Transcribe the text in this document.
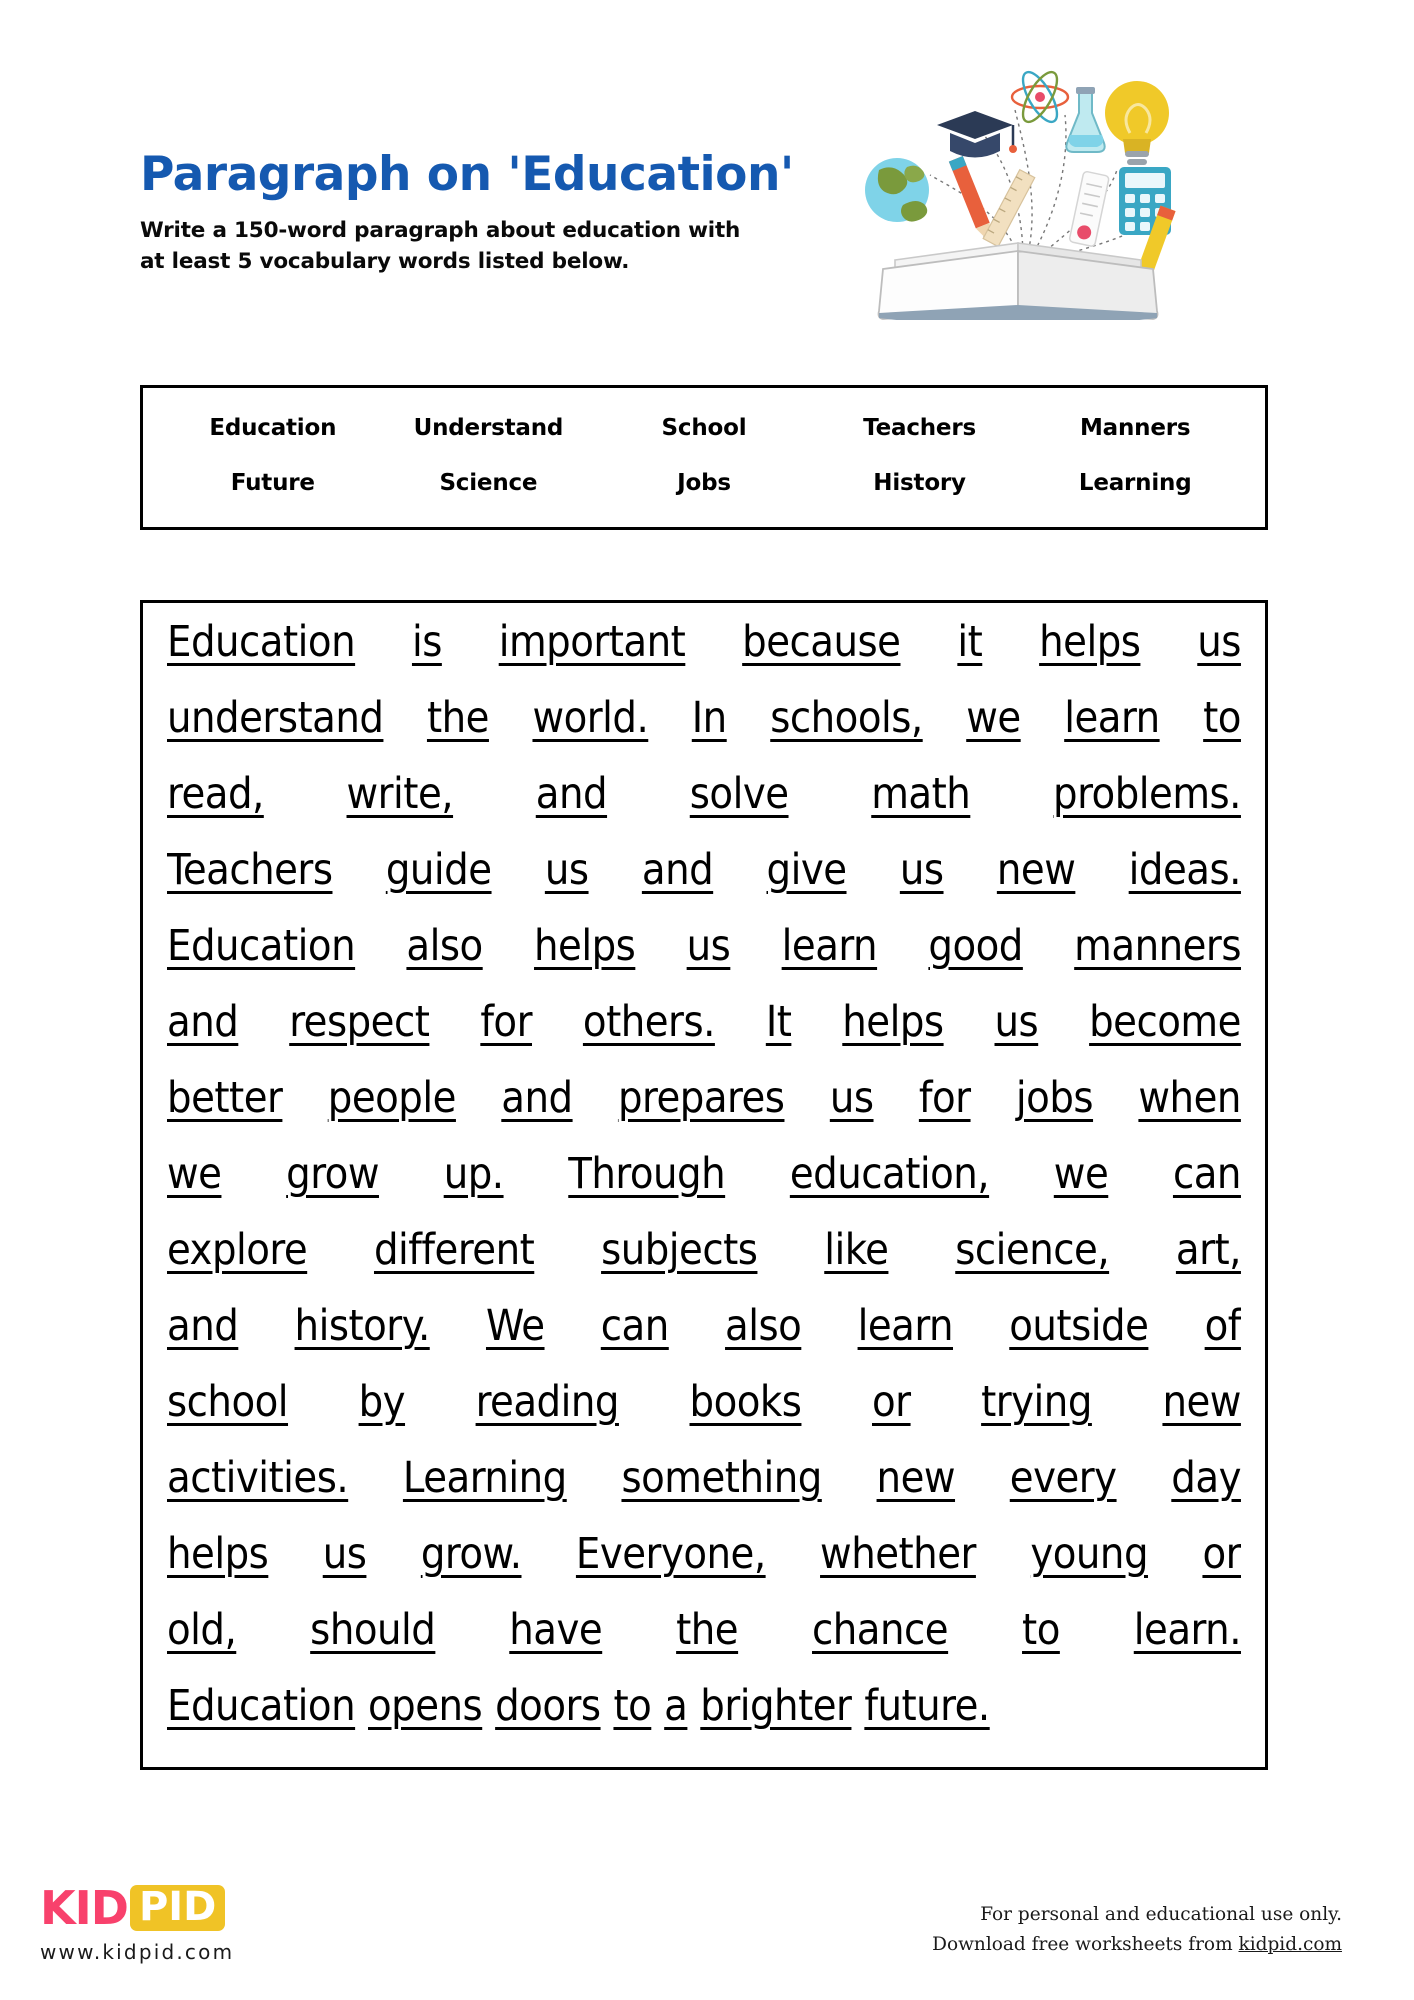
Paragraph on 'Education'
Write a 150-word paragraph about education with
at least 5 vocabulary words listed below.
Education	Understand	School	Teachers	Manners
Future	Science	Jobs	History	Learning
Education is important because it helps us
understand the world. In schools, we learn to
read, write, and solve math problems.
Teachers guide us and give us new ideas.
Education also helps us learn good manners
and respect for others. It helps us become
better people and prepares us for jobs when
we grow up. Through education, we can
explore different subjects like science, art,
and history. We can also learn outside of
school by reading books or trying new
activities. Learning something new every day
helps us grow. Everyone, whether young or
old, should have the chance to learn.
Education opens doors to a brighter future.
KID PID
www.kidpid.com
For personal and educational use only.
Download free worksheets from kidpid.com
